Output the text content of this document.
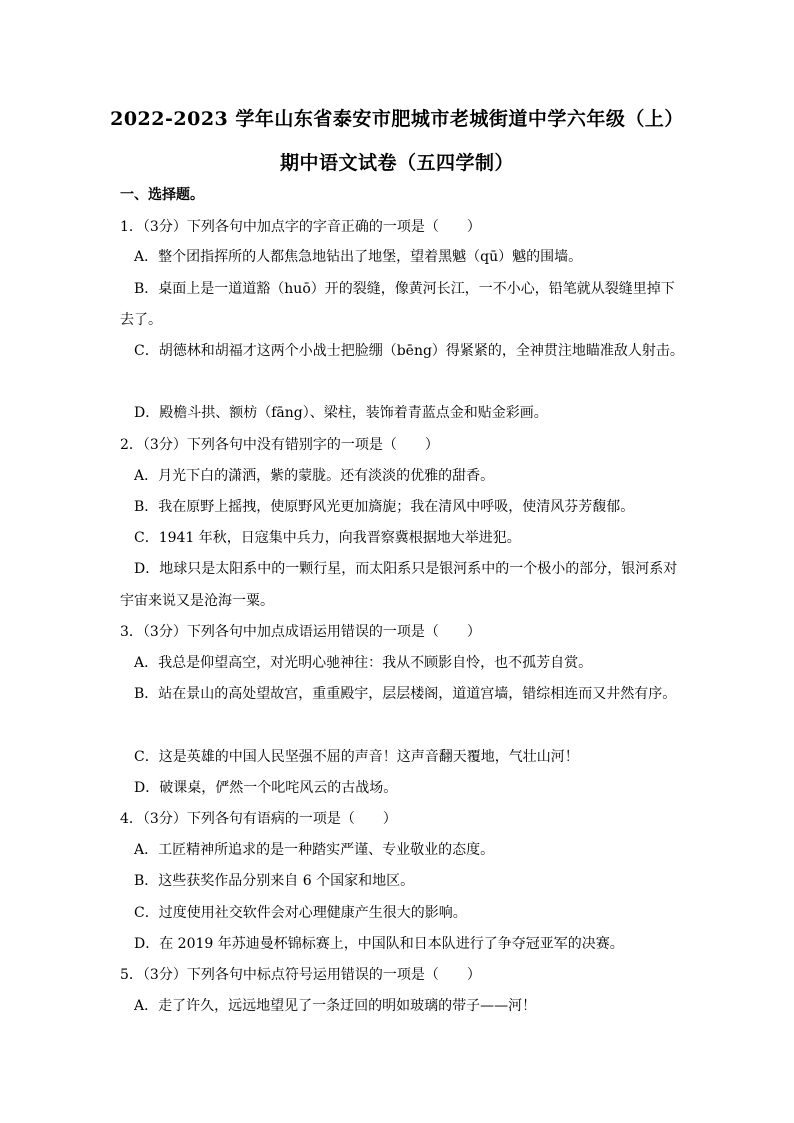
2022-2023 学年山东省泰安市肥城市老城街道中学六年级（上）
期中语文试卷（五四学制）
一、选择题。
1．（3分）下列各句中加点字的字音正确的一项是（　　）
A．整个团指挥所的人都焦急地钻出了地堡，望着黑魆（qū）魆的围墙。
B．桌面上是一道道豁（huō）开的裂缝，像黄河长江，一不小心，铅笔就从裂缝里掉下
去了。
C．胡德林和胡福才这两个小战士把脸绷（bēng）得紧紧的，全神贯注地瞄准敌人射击。
D．殿檐斗拱、额枋（fāng）、梁柱，装饰着青蓝点金和贴金彩画。
2．（3分）下列各句中没有错别字的一项是（　　）
A．月光下白的潇洒，紫的蒙胧。还有淡淡的优雅的甜香。
B．我在原野上摇拽，使原野风光更加旖旎；我在清风中呼吸，使清风芬芳馥郁。
C．1941 年秋，日寇集中兵力，向我晋察冀根据地大举进犯。
D．地球只是太阳系中的一颗行星，而太阳系只是银河系中的一个极小的部分，银河系对
宇宙来说又是沧海一粟。
3．（3分）下列各句中加点成语运用错误的一项是（　　）
A．我总是仰望高空，对光明心驰神往：我从不顾影自怜，也不孤芳自赏。
B．站在景山的高处望故宫，重重殿宇，层层楼阁，道道宫墙，错综相连而又井然有序。
C．这是英雄的中国人民坚强不屈的声音！这声音翻天覆地，气壮山河！
D．破课桌，俨然一个叱咤风云的古战场。
4．（3分）下列各句有语病的一项是（　　）
A．工匠精神所追求的是一种踏实严谨、专业敬业的态度。
B．这些获奖作品分别来自 6 个国家和地区。
C．过度使用社交软件会对心理健康产生很大的影响。
D．在 2019 年苏迪曼杯锦标赛上，中国队和日本队进行了争夺冠亚军的决赛。
5．（3分）下列各句中标点符号运用错误的一项是（　　）
A．走了许久，远远地望见了一条迂回的明如玻璃的带子——河！
